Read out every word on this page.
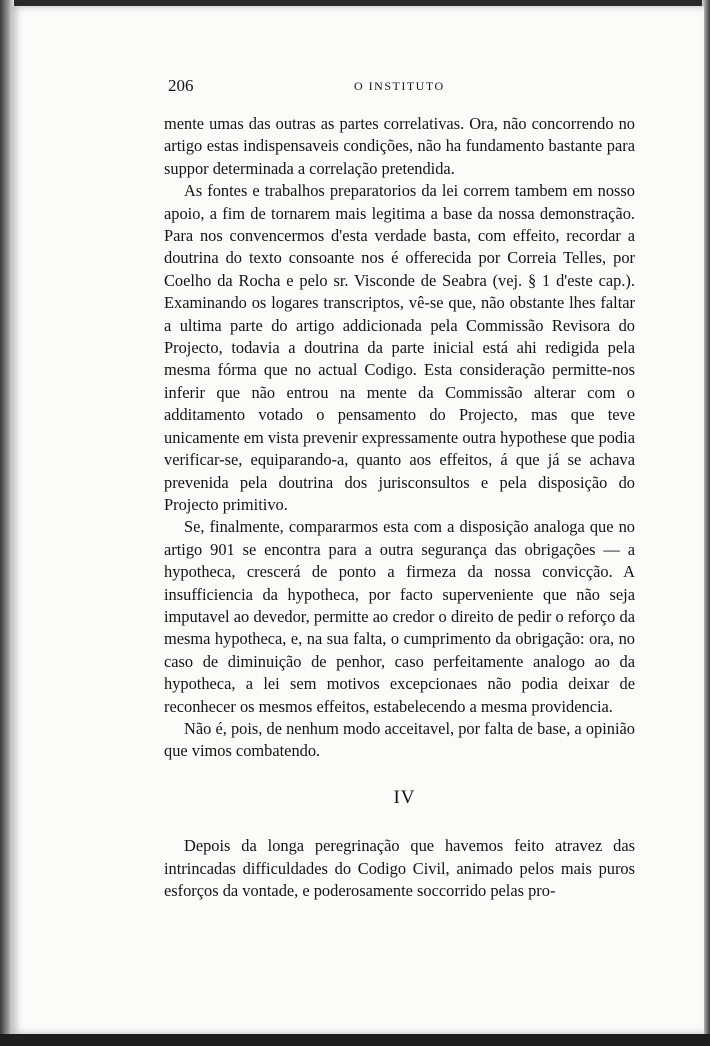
206	O INSTITUTO

mente umas das outras as partes correlativas. Ora, não concorrendo no artigo estas indispensaveis condições, não ha fundamento bastante para suppor determinada a correlação pretendida.

As fontes e trabalhos preparatorios da lei correm tambem em nosso apoio, a fim de tornarem mais legitima a base da nossa demonstração. Para nos convencermos d'esta verdade basta, com effeito, recordar a doutrina do texto consoante nos é offerecida por Correia Telles, por Coelho da Rocha e pelo sr. Visconde de Seabra (vej. § 1 d'este cap.). Examinando os logares transcriptos, vê-se que, não obstante lhes faltar a ultima parte do artigo addicionada pela Commissão Revisora do Projecto, todavia a doutrina da parte inicial está ahi redigida pela mesma fórma que no actual Codigo. Esta consideração permitte-nos inferir que não entrou na mente da Commissão alterar com o additamento votado o pensamento do Projecto, mas que teve unicamente em vista prevenir expressamente outra hypothese que podia verificar-se, equiparando-a, quanto aos effeitos, á que já se achava prevenida pela doutrina dos jurisconsultos e pela disposição do Projecto primitivo.

Se, finalmente, compararmos esta com a disposição analoga que no artigo 901 se encontra para a outra segurança das obrigações — a hypotheca, crescerá de ponto a firmeza da nossa convicção. A insufficiencia da hypotheca, por facto superveniente que não seja imputavel ao devedor, permitte ao credor o direito de pedir o reforço da mesma hypotheca, e, na sua falta, o cumprimento da obrigação: ora, no caso de diminuição de penhor, caso perfeitamente analogo ao da hypotheca, a lei sem motivos excepcionaes não podia deixar de reconhecer os mesmos effeitos, estabelecendo a mesma providencia.

Não é, pois, de nenhum modo acceitavel, por falta de base, a opinião que vimos combatendo.

IV

Depois da longa peregrinação que havemos feito atravez das intrincadas difficuldades do Codigo Civil, animado pelos mais puros esforços da vontade, e poderosamente soccorrido pelas pro-
